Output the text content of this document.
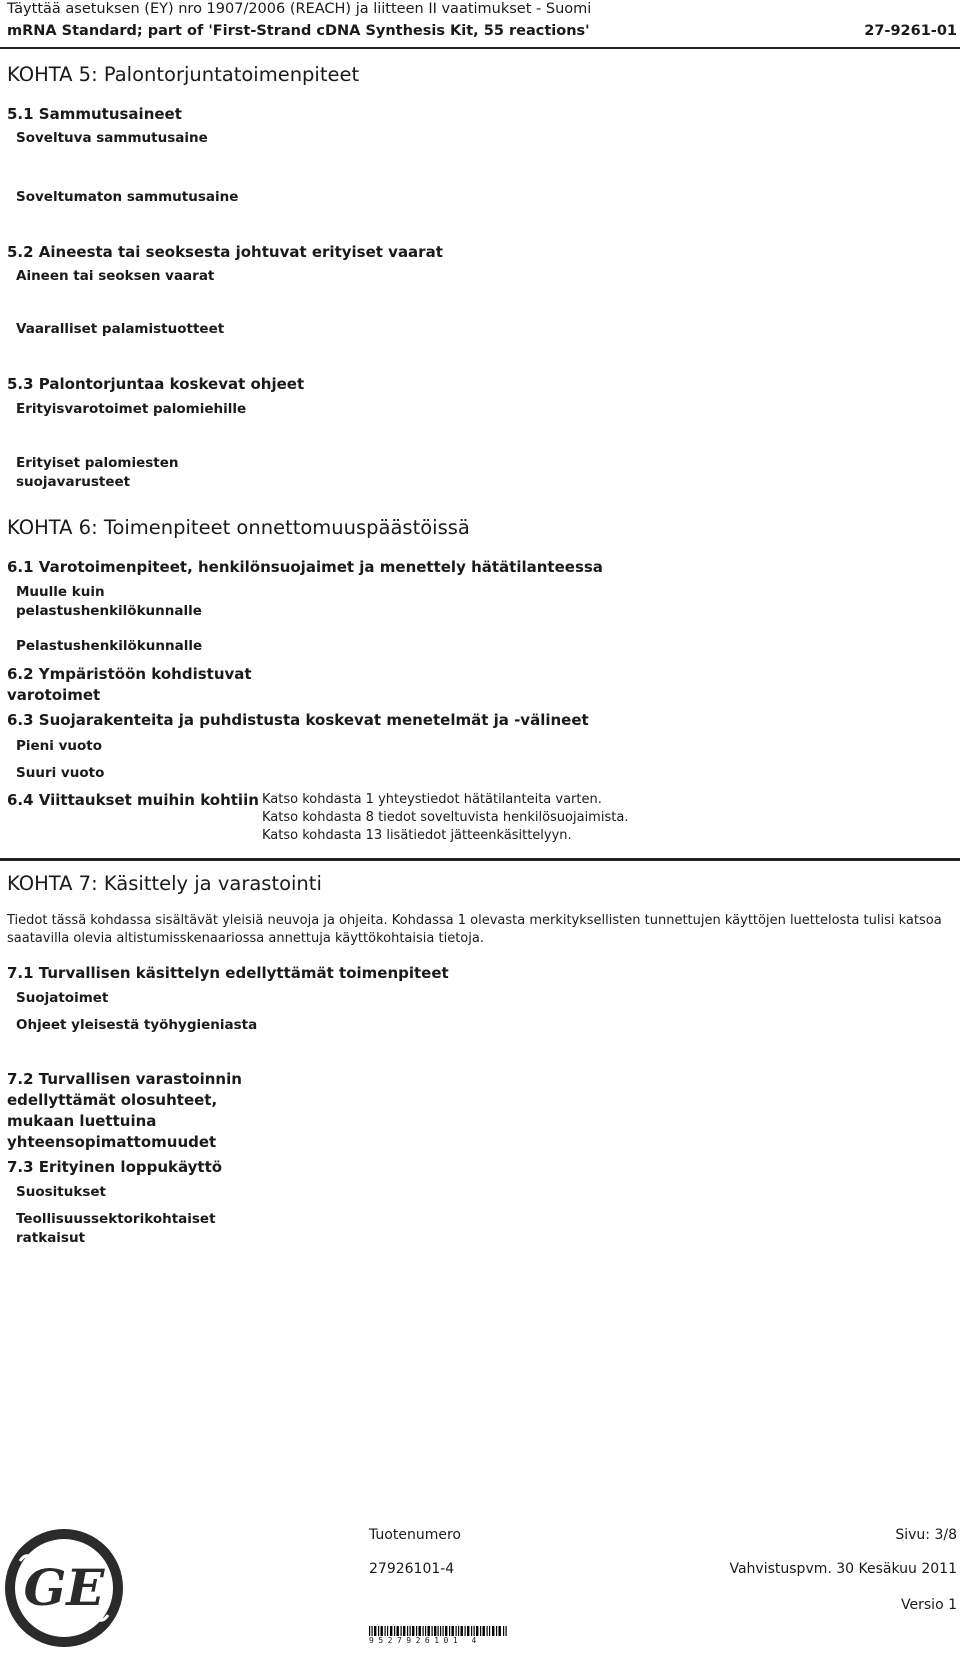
Täyttää asetuksen (EY) nro 1907/2006 (REACH) ja liitteen II vaatimukset - Suomi
mRNA Standard; part of 'First-Strand cDNA Synthesis Kit, 55 reactions'	27-9261-01
KOHTA 5: Palontorjuntatoimenpiteet
5.1 Sammutusaineet
Soveltuva sammutusaine
Soveltumaton sammutusaine
5.2 Aineesta tai seoksesta johtuvat erityiset vaarat
Aineen tai seoksen vaarat
Vaaralliset palamistuotteet
5.3 Palontorjuntaa koskevat ohjeet
Erityisvarotoimet palomiehille
Erityiset palomiesten
suojavarusteet
KOHTA 6: Toimenpiteet onnettomuuspäästöissä
6.1 Varotoimenpiteet, henkilönsuojaimet ja menettely hätätilanteessa
Muulle kuin
pelastushenkilökunnalle
Pelastushenkilökunnalle
6.2 Ympäristöön kohdistuvat
varotoimet
6.3 Suojarakenteita ja puhdistusta koskevat menetelmät ja -välineet
Pieni vuoto
Suuri vuoto
6.4 Viittaukset muihin kohtiin Katso kohdasta 1 yhteystiedot hätätilanteita varten.
Katso kohdasta 8 tiedot soveltuvista henkilösuojaimista.
Katso kohdasta 13 lisätiedot jätteenkäsittelyyn.
KOHTA 7: Käsittely ja varastointi
Tiedot tässä kohdassa sisältävät yleisiä neuvoja ja ohjeita. Kohdassa 1 olevasta merkityksellisten tunnettujen käyttöjen luettelosta tulisi katsoa saatavilla olevia altistumisskenaariossa annettuja käyttökohtaisia tietoja.
7.1 Turvallisen käsittelyn edellyttämät toimenpiteet
Suojatoimet
Ohjeet yleisestä työhygieniasta
7.2 Turvallisen varastoinnin
edellyttämät olosuhteet,
mukaan luettuina
yhteensopimattomuudet
7.3 Erityinen loppukäyttö
Suositukset
Teollisuussektorikohtaiset
ratkaisut
GE
Tuotenumero	Sivu: 3/8
27926101-4	Vahvistuspvm. 30 Kesäkuu 2011
Versio 1
9527926101 4
